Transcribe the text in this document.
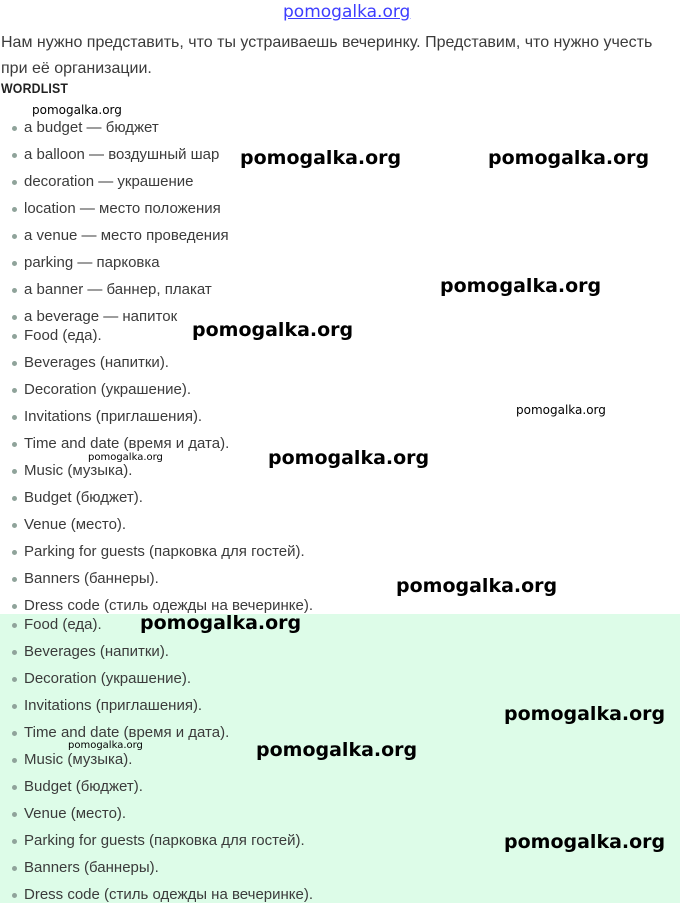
pomogalka.org

Нам нужно представить, что ты устраиваешь вечеринку. Представим, что нужно учесть при её организации.

WORDLIST
a budget — бюджет
a balloon — воздушный шар
decoration — украшение
location — место положения
a venue — место проведения
parking — парковка
a banner — баннер, плакат
a beverage — напиток
Food (еда).
Beverages (напитки).
Decoration (украшение).
Invitations (приглашения).
Time and date (время и дата).
Music (музыка).
Budget (бюджет).
Venue (место).
Parking for guests (парковка для гостей).
Banners (баннеры).
Dress code (стиль одежды на вечеринке).
Food (еда).
Beverages (напитки).
Decoration (украшение).
Invitations (приглашения).
Time and date (время и дата).
Music (музыка).
Budget (бюджет).
Venue (место).
Parking for guests (парковка для гостей).
Banners (баннеры).
Dress code (стиль одежды на вечеринке).
pomogalka.org
pomogalka.org	pomogalka.org
pomogalka.org
pomogalka.org
pomogalka.org
pomogalka.org	pomogalka.org
pomogalka.org
pomogalka.org
pomogalka.org
pomogalka.org	pomogalka.org
pomogalka.org
